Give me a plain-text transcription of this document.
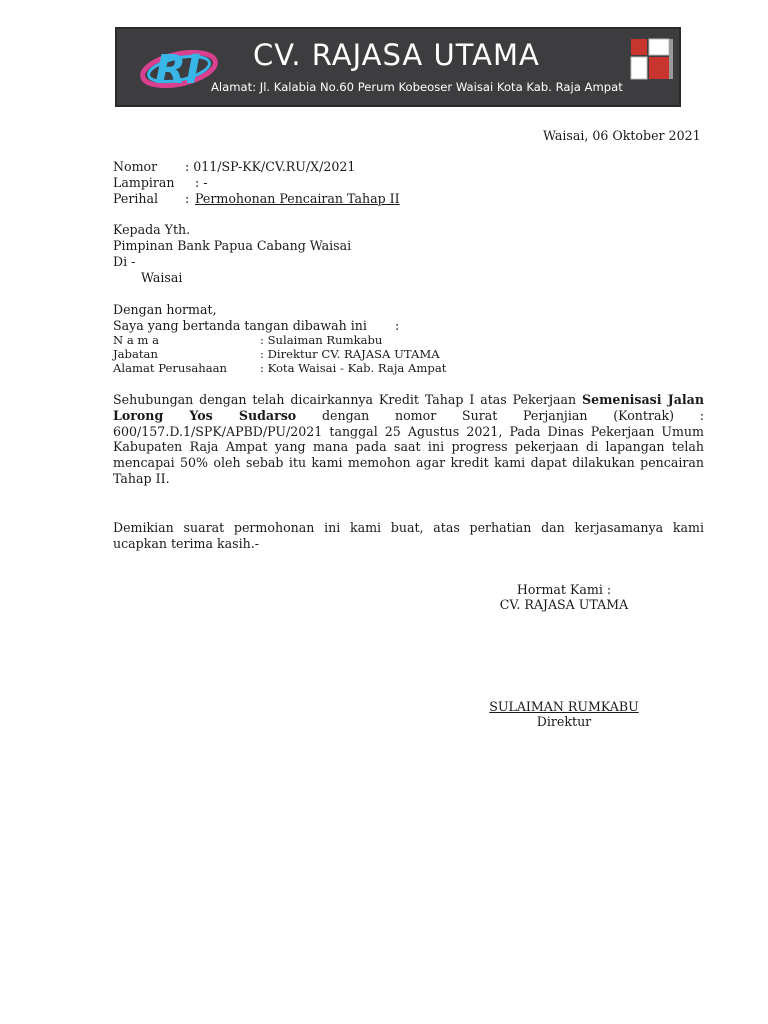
RI CV. RAJASA UTAMA
Alamat: Jl. Kalabia No.60 Perum Kobeoser Waisai Kota Kab. Raja Ampat
Waisai, 06 Oktober 2021
Nomor : 011/SP-KK/CV.RU/X/2021
Lampiran : -
Perihal : Permohonan Pencairan Tahap II
Kepada Yth.
Pimpinan Bank Papua Cabang Waisai
Di -
Waisai
Dengan hormat,
Saya yang bertanda tangan dibawah ini :
N a m a	: Sulaiman Rumkabu
Jabatan	: Direktur CV. RAJASA UTAMA
Alamat Perusahaan	: Kota Waisai - Kab. Raja Ampat
Sehubungan dengan telah dicairkannya Kredit Tahap I atas Pekerjaan Semenisasi Jalan Lorong Yos Sudarso dengan nomor Surat Perjanjian (Kontrak) : 600/157.D.1/SPK/APBD/PU/2021 tanggal 25 Agustus 2021, Pada Dinas Pekerjaan Umum Kabupaten Raja Ampat yang mana pada saat ini progress pekerjaan di lapangan telah mencapai 50% oleh sebab itu kami memohon agar kredit kami dapat dilakukan pencairan Tahap II.
Demikian suarat permohonan ini kami buat, atas perhatian dan kerjasamanya kami ucapkan terima kasih.-
Hormat Kami :
CV. RAJASA UTAMA
SULAIMAN RUMKABU
Direktur
